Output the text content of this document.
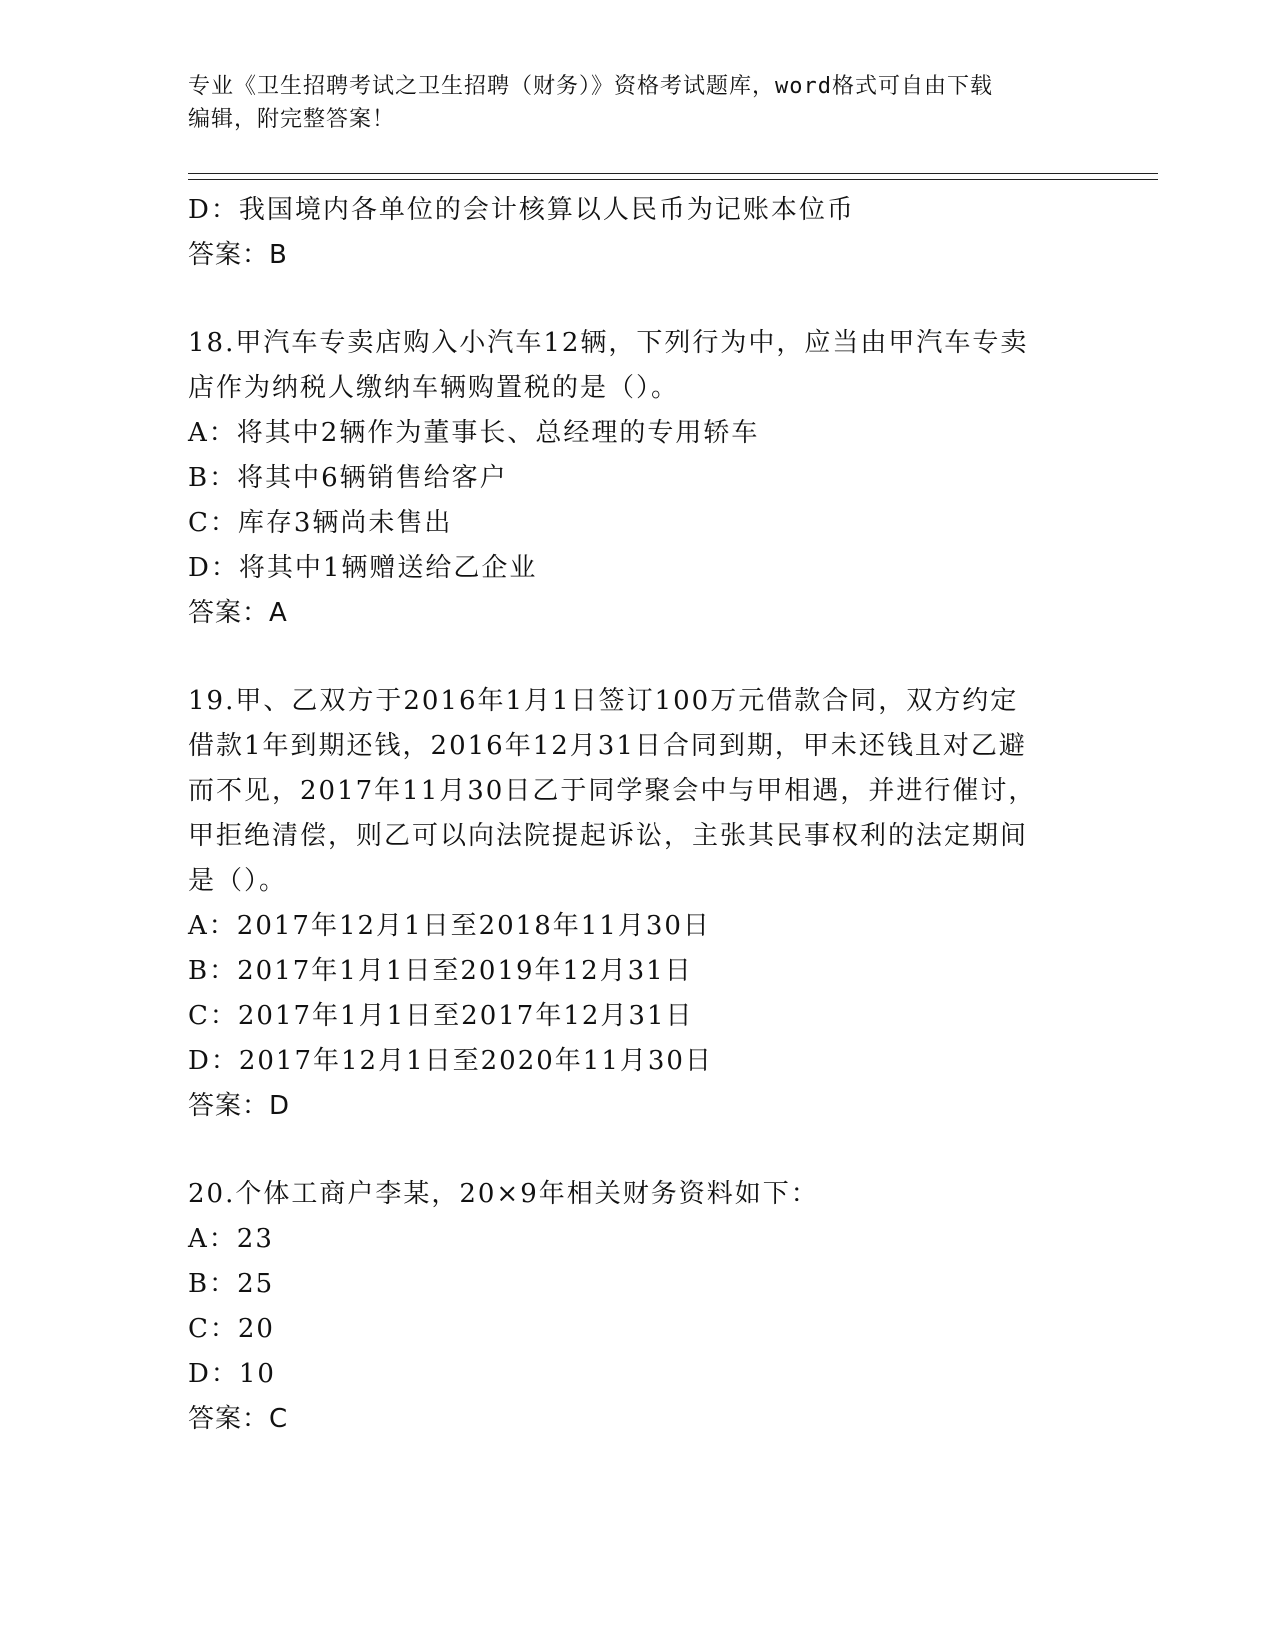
专业《卫生招聘考试之卫生招聘（财务）》资格考试题库，word格式可自由下载
编辑，附完整答案！
D：我国境内各单位的会计核算以人民币为记账本位币
答案：B
18.甲汽车专卖店购入小汽车12辆，下列行为中，应当由甲汽车专卖
店作为纳税人缴纳车辆购置税的是（）。
A：将其中2辆作为董事长、总经理的专用轿车
B：将其中6辆销售给客户
C：库存3辆尚未售出
D：将其中1辆赠送给乙企业
答案：A
19.甲、乙双方于2016年1月1日签订100万元借款合同，双方约定
借款1年到期还钱，2016年12月31日合同到期，甲未还钱且对乙避
而不见，2017年11月30日乙于同学聚会中与甲相遇，并进行催讨，
甲拒绝清偿，则乙可以向法院提起诉讼，主张其民事权利的法定期间
是（）。
A：2017年12月1日至2018年11月30日
B：2017年1月1日至2019年12月31日
C：2017年1月1日至2017年12月31日
D：2017年12月1日至2020年11月30日
答案：D
20.个体工商户李某，20×9年相关财务资料如下：
A：23
B：25
C：20
D：10
答案：C
